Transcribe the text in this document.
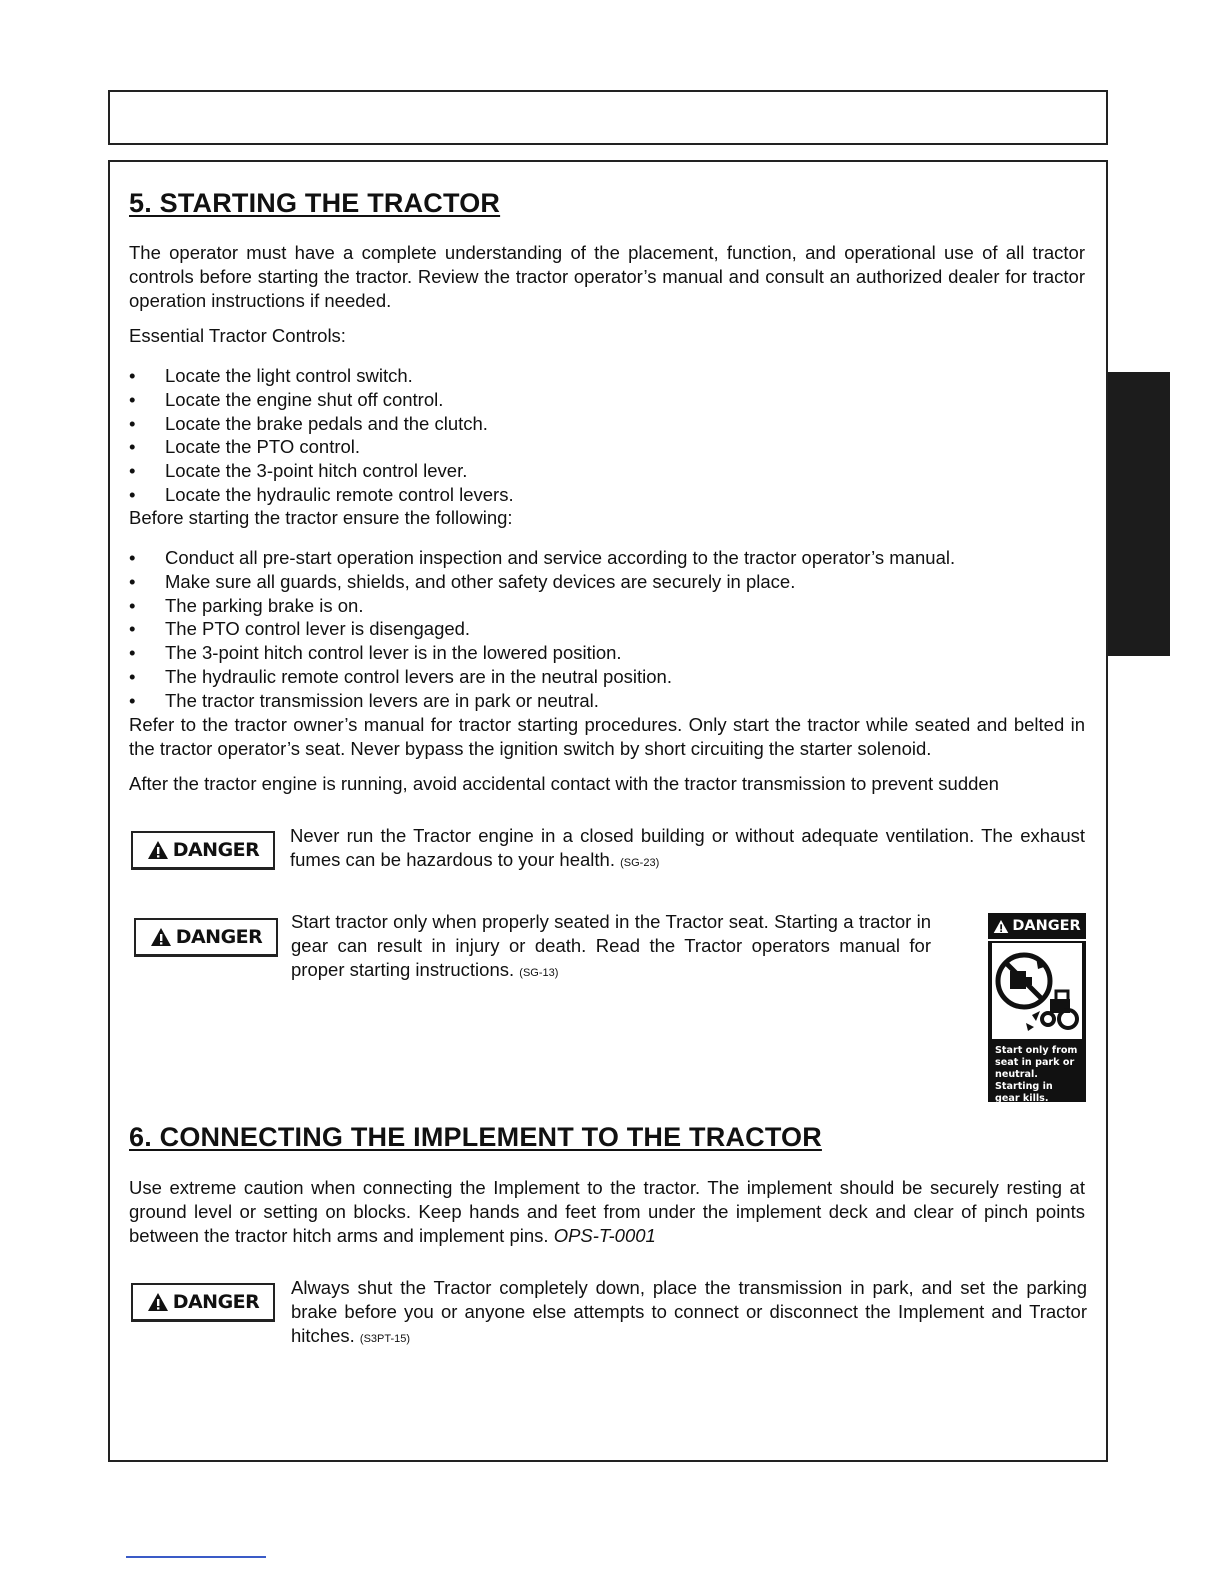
5. STARTING THE TRACTOR

The operator must have a complete understanding of the placement, function, and operational use of all tractor controls before starting the tractor. Review the tractor operator’s manual and consult an authorized dealer for tractor operation instructions if needed.

Essential Tractor Controls:
• Locate the light control switch.
• Locate the engine shut off control.
• Locate the brake pedals and the clutch.
• Locate the PTO control.
• Locate the 3-point hitch control lever.
• Locate the hydraulic remote control levers.
Before starting the tractor ensure the following:
• Conduct all pre-start operation inspection and service according to the tractor operator’s manual.
• Make sure all guards, shields, and other safety devices are securely in place.
• The parking brake is on.
• The PTO control lever is disengaged.
• The 3-point hitch control lever is in the lowered position.
• The hydraulic remote control levers are in the neutral position.
• The tractor transmission levers are in park or neutral.

Refer to the tractor owner’s manual for tractor starting procedures. Only start the tractor while seated and belted in the tractor operator’s seat. Never bypass the ignition switch by short circuiting the starter solenoid.

After the tractor engine is running, avoid accidental contact with the tractor transmission to prevent sudden

DANGER

Never run the Tractor engine in a closed building or without adequate ventilation. The exhaust fumes can be hazardous to your health. (SG-23)

DANGER

Start tractor only when properly seated in the Tractor seat. Starting a tractor in gear can result in injury or death. Read the Tractor operators manual for proper starting instructions. (SG-13)

DANGER
Start only from
seat in park or
neutral.
Starting in
gear kills.
6. CONNECTING THE IMPLEMENT TO THE TRACTOR

Use extreme caution when connecting the Implement to the tractor. The implement should be securely resting at ground level or setting on blocks. Keep hands and feet from under the implement deck and clear of pinch points between the tractor hitch arms and implement pins. OPS-T-0001

DANGER

Always shut the Tractor completely down, place the transmission in park, and set the parking brake before you or anyone else attempts to connect or disconnect the Implement and Tractor hitches. (S3PT-15)
